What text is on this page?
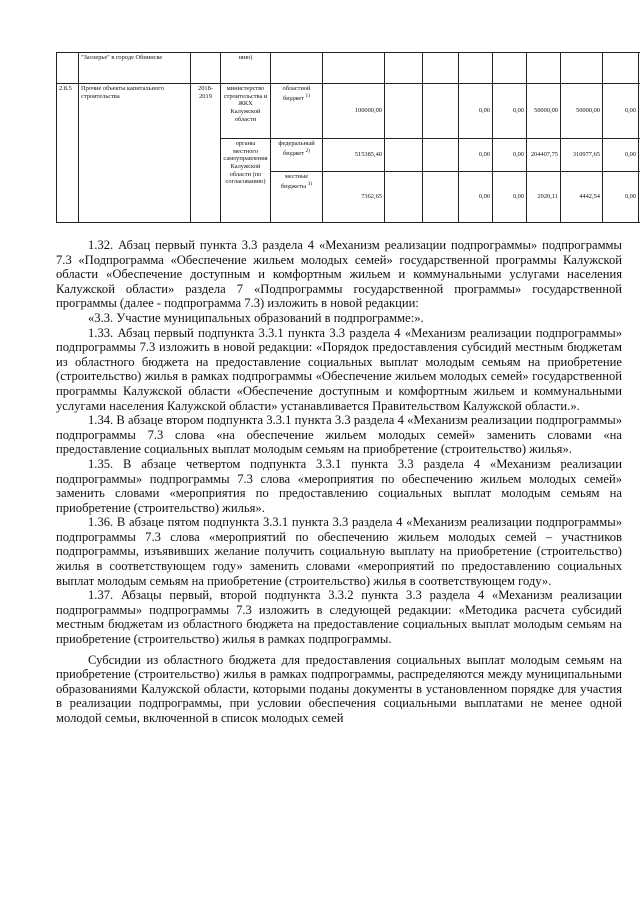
	"Заозерье" в городе Обнинске		нию)										
2.8.5	Прочие объекты капитального строительства	2018-2019	министерство строительства и ЖКХ Калужской области	областной бюджет $^{1)}$	100000,00			0,00	0,00	50000,00	50000,00	0,00	
			органы местного самоуправления Калужской области (по согласованию)	федеральный бюджет $^{2)}$	515385,40			0,00	0,00	204407,75	310977,65	0,00	
				местные бюджеты $^{3)}$	7362,65			0,00	0,00	2920,11	4442,54	0,00	

1.32. Абзац первый пункта 3.3 раздела 4 «Механизм реализации подпрограммы» подпрограммы 7.3 «Подпрограмма «Обеспечение жильем молодых семей» государственной программы Калужской области «Обеспечение доступным и комфортным жильем и коммунальными услугами населения Калужской области» раздела 7 «Подпрограммы государственной программы» государственной программы (далее - подпрограмма 7.3) изложить в новой редакции:

«3.3. Участие муниципальных образований в подпрограмме:».

1.33. Абзац первый подпункта 3.3.1 пункта 3.3 раздела 4 «Механизм реализации подпрограммы» подпрограммы 7.3 изложить в новой редакции: «Порядок предоставления субсидий местным бюджетам из областного бюджета на предоставление социальных выплат молодым семьям на приобретение (строительство) жилья в рамках подпрограммы «Обеспечение жильем молодых семей» государственной программы Калужской области «Обеспечение доступным и комфортным жильем и коммунальными услугами населения Калужской области» устанавливается Правительством Калужской области.».

1.34. В абзаце втором подпункта 3.3.1 пункта 3.3 раздела 4 «Механизм реализации подпрограммы» подпрограммы 7.3 слова «на обеспечение жильем молодых семей» заменить словами «на предоставление социальных выплат молодым семьям на приобретение (строительство) жилья».

1.35. В абзаце четвертом подпункта 3.3.1 пункта 3.3 раздела 4 «Механизм реализации подпрограммы» подпрограммы 7.3 слова «мероприятия по обеспечению жильем молодых семей» заменить словами «мероприятия по предоставлению социальных выплат молодым семьям на приобретение (строительство) жилья».

1.36. В абзаце пятом подпункта 3.3.1 пункта 3.3 раздела 4 «Механизм реализации подпрограммы» подпрограммы 7.3 слова «мероприятий по обеспечению жильем молодых семей – участников подпрограммы, изъявивших желание получить социальную выплату на приобретение (строительство) жилья в соответствующем году» заменить словами «мероприятий по предоставлению социальных выплат молодым семьям на приобретение (строительство) жилья в соответствующем году».

1.37. Абзацы первый, второй подпункта 3.3.2 пункта 3.3 раздела 4 «Механизм реализации подпрограммы» подпрограммы 7.3 изложить в следующей редакции: «Методика расчета субсидий местным бюджетам из областного бюджета на предоставление социальных выплат молодым семьям на приобретение (строительство) жилья в рамках подпрограммы.

Субсидии из областного бюджета для предоставления социальных выплат молодым семьям на приобретение (строительство) жилья в рамках подпрограммы, распределяются между муниципальными образованиями Калужской области, которыми поданы документы в установленном порядке для участия в реализации подпрограммы, при условии обеспечения социальными выплатами не менее одной молодой семьи, включенной в список молодых семей
